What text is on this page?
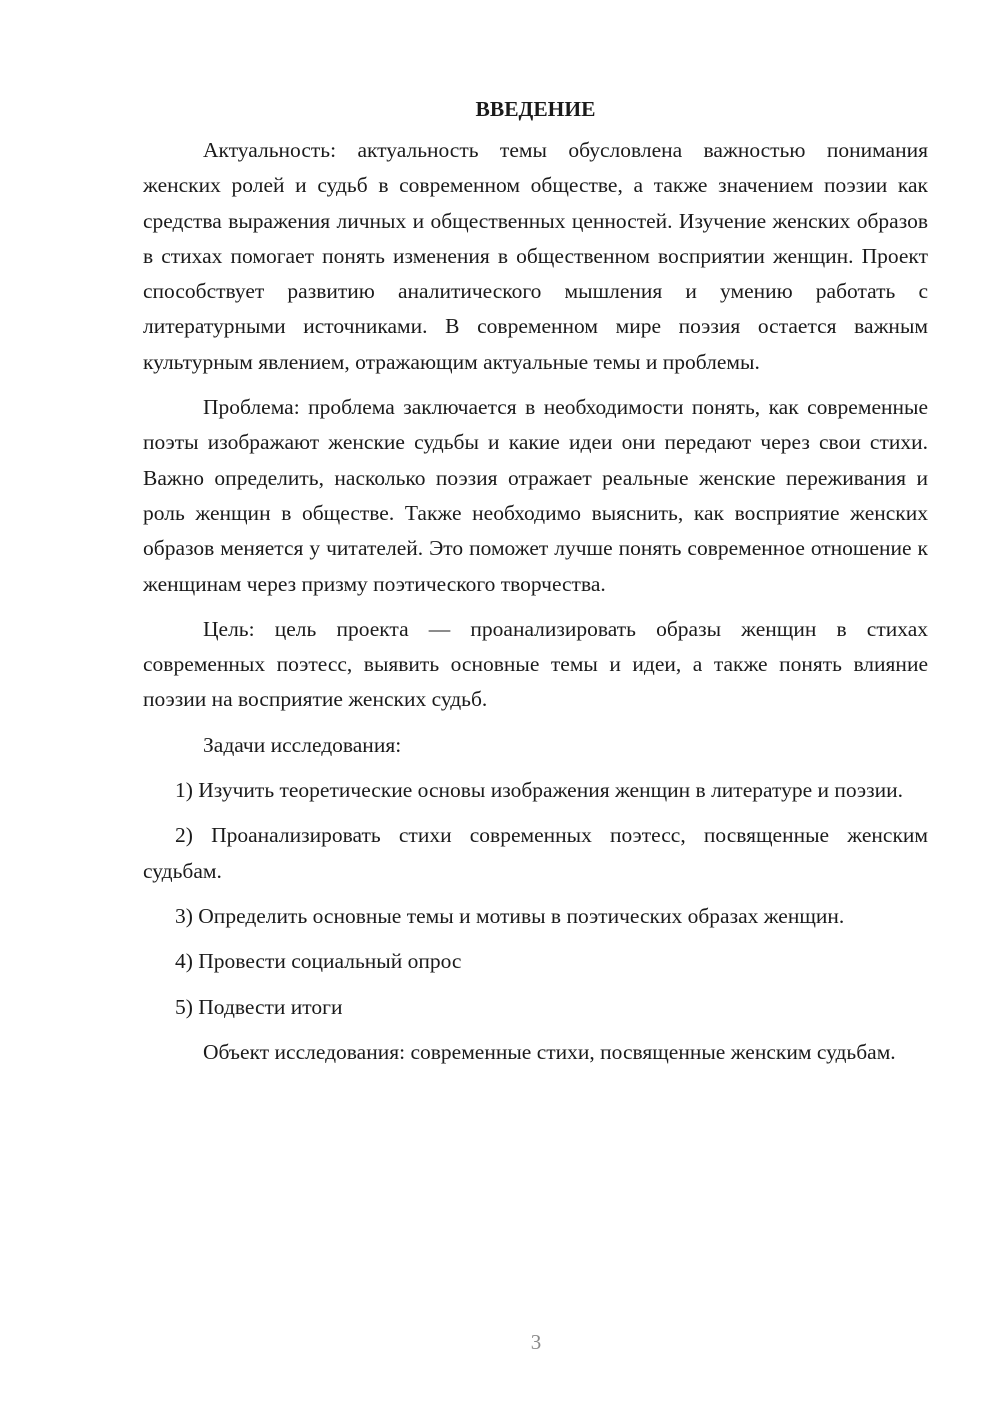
ВВЕДЕНИЕ

Актуальность: актуальность темы обусловлена важностью понимания женских ролей и судьб в современном обществе, а также значением поэзии как средства выражения личных и общественных ценностей. Изучение женских образов в стихах помогает понять изменения в общественном восприятии женщин. Проект способствует развитию аналитического мышления и умению работать с литературными источниками. В современном мире поэзия остается важным культурным явлением, отражающим актуальные темы и проблемы.

Проблема: проблема заключается в необходимости понять, как современные поэты изображают женские судьбы и какие идеи они передают через свои стихи. Важно определить, насколько поэзия отражает реальные женские переживания и роль женщин в обществе. Также необходимо выяснить, как восприятие женских образов меняется у читателей. Это поможет лучше понять современное отношение к женщинам через призму поэтического творчества.

Цель: цель проекта — проанализировать образы женщин в стихах современных поэтесс, выявить основные темы и идеи, а также понять влияние поэзии на восприятие женских судьб.

Задачи исследования:

1) Изучить теоретические основы изображения женщин в литературе и поэзии.

2) Проанализировать стихи современных поэтесс, посвященные женским судьбам.

3) Определить основные темы и мотивы в поэтических образах женщин.

4) Провести социальный опрос

5) Подвести итоги

Объект исследования: современные стихи, посвященные женским судьбам.

3
